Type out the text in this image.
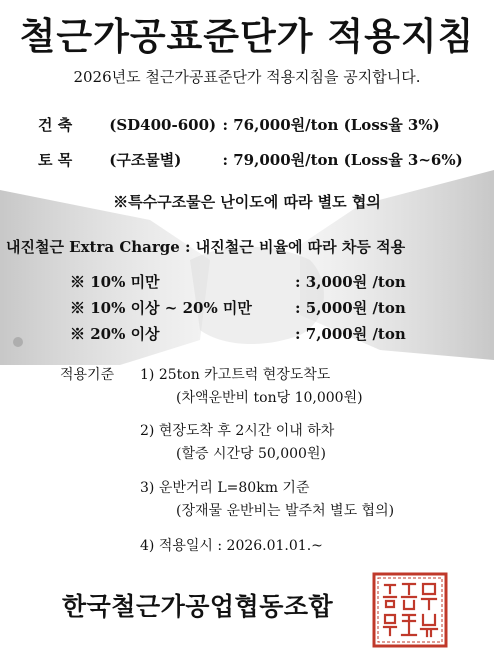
철근가공표준단가 적용지침
2026년도 철근가공표준단가 적용지침을 공지합니다.
건 축 (SD400-600) : 76,000원/ton (Loss율 3%)
토 목 (구조물별)	: 79,000원/ton (Loss율 3~6%)
※특수구조물은 난이도에 따라 별도 협의
내진철근 Extra Charge : 내진철근 비율에 따라 차등 적용
※ 10% 미만	: 3,000원 /ton
※ 10% 이상 ~ 20% 미만	: 5,000원 /ton
※ 20% 이상	: 7,000원 /ton
적용기준 1) 25ton 카고트럭 현장도착도
(차액운반비 ton당 10,000원)
2) 현장도착 후 2시간 이내 하차
(할증 시간당 50,000원)
3) 운반거리 L=80km 기준
(장재물 운반비는 발주처 별도 협의)
4) 적용일시 : 2026.01.01.~
한국철근가공업협동조합
